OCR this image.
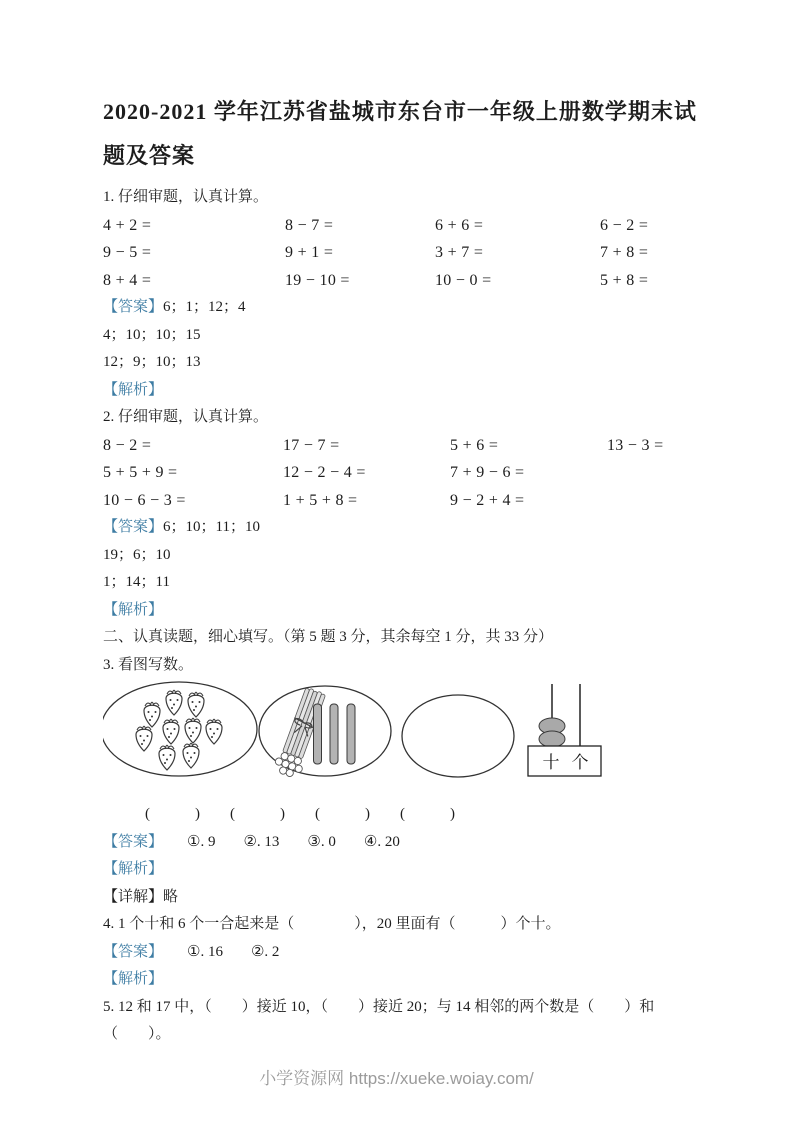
2020-2021 学年江苏省盐城市东台市一年级上册数学期末试题及答案

1. 仔细审题，认真计算。

4 + 2 =	8 − 7 =	6 + 6 =	6 − 2 =
9 − 5 =	9 + 1 =	3 + 7 =	7 + 8 =
8 + 4 =	19 − 10 =	10 − 0 =	5 + 8 =

【答案】6；1；12；4

4；10；10；15

12；9；10；13

【解析】

2. 仔细审题，认真计算。

8 − 2 =	17 − 7 =	5 + 6 =	13 − 3 =
5 + 5 + 9 =	12 − 2 − 4 =	7 + 9 − 6 =
10 − 6 − 3 =	1 + 5 + 8 =	9 − 2 + 4 =

【答案】6；10；11；10

19；6；10

1；14；11

【解析】

二、认真读题，细心填写。（第 5 题 3 分，其余每空 1 分，共 33 分）

3. 看图写数。

十 个

(　　　) (　　　) (　　　) (　　　)

【答案】 ①. 9 ②. 13 ③. 0 ④. 20

【解析】

【详解】略

4. 1 个十和 6 个一合起来是（　　　　），20 里面有（　　　）个十。

【答案】 ①. 16 ②. 2

【解析】

5. 12 和 17 中，（　　）接近 10，（　　）接近 20；与 14 相邻的两个数是（　　）和（　　）。

小学资源网 https://xueke.woiay.com/
